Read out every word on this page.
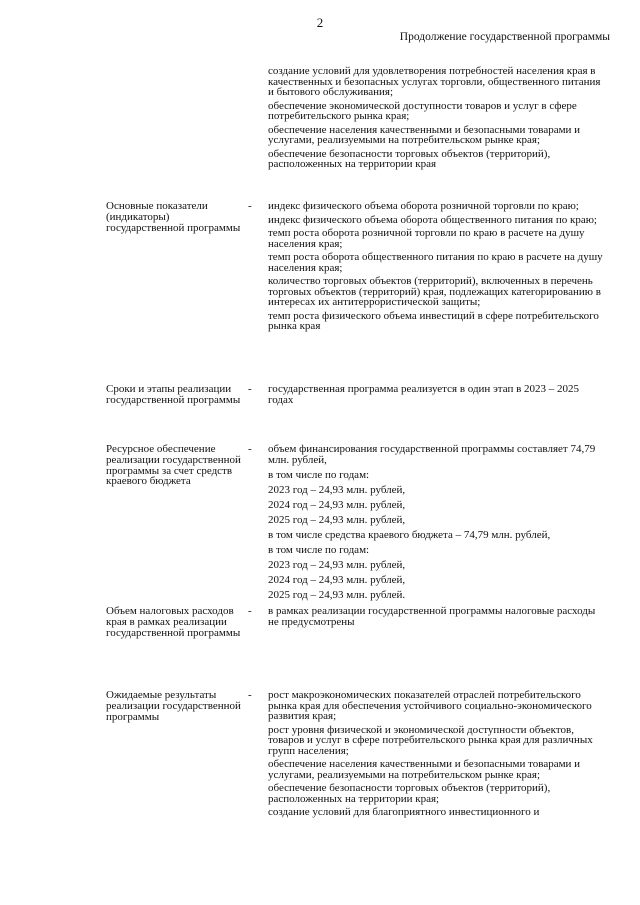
2
Продолжение государственной программы

создание условий для удовлетворения потребностей населения края в качественных и безопасных услугах торговли, общественного питания и бытового обслуживания;

обеспечение экономической доступности товаров и услуг в сфере потребительского рынка края;

обеспечение населения качественными и безопасными товарами и услугами, реализуемыми на потребительском рынке края;

обеспечение безопасности торговых объектов (территорий), расположенных на территории края

Основные показатели (индикаторы) государственной программы
-	индекс физического объема оборота розничной торговли по краю;

индекс физического объема оборота общественного питания по краю;

темп роста оборота розничной торговли по краю в расчете на душу населения края;

темп роста оборота общественного питания по краю в расчете на душу населения края;

количество торговых объектов (территорий), включенных в перечень торговых объектов (территорий) края, подлежащих категорированию в интересах их антитеррористической защиты;

темп роста физического объема инвестиций в сфере потребительского рынка края

Сроки и этапы реализации государственной программы
-	государственная программа реализуется в один этап в 2023 – 2025 годах

Ресурсное обеспечение реализации государственной программы за счет средств краевого бюджета
-	объем финансирования государственной программы составляет 74,79 млн. рублей,

в том числе по годам:

2023 год – 24,93 млн. рублей,

2024 год – 24,93 млн. рублей,

2025 год – 24,93 млн. рублей,

в том числе средства краевого бюджета – 74,79 млн. рублей,

в том числе по годам:

2023 год – 24,93 млн. рублей,

2024 год – 24,93 млн. рублей,

2025 год – 24,93 млн. рублей.

Объем налоговых расходов края в рамках реализации государственной программы
-	в рамках реализации государственной программы налоговые расходы не предусмотрены

Ожидаемые результаты реализации государственной программы
-	рост макроэкономических показателей отраслей потребительского рынка края для обеспечения устойчивого социально-экономического развития края;

рост уровня физической и экономической доступности объектов, товаров и услуг в сфере потребительского рынка края для различных групп населения;

обеспечение населения качественными и безопасными товарами и услугами, реализуемыми на потребительском рынке края;

обеспечение безопасности торговых объектов (территорий), расположенных на территории края;

создание условий для благоприятного инвестиционного и
